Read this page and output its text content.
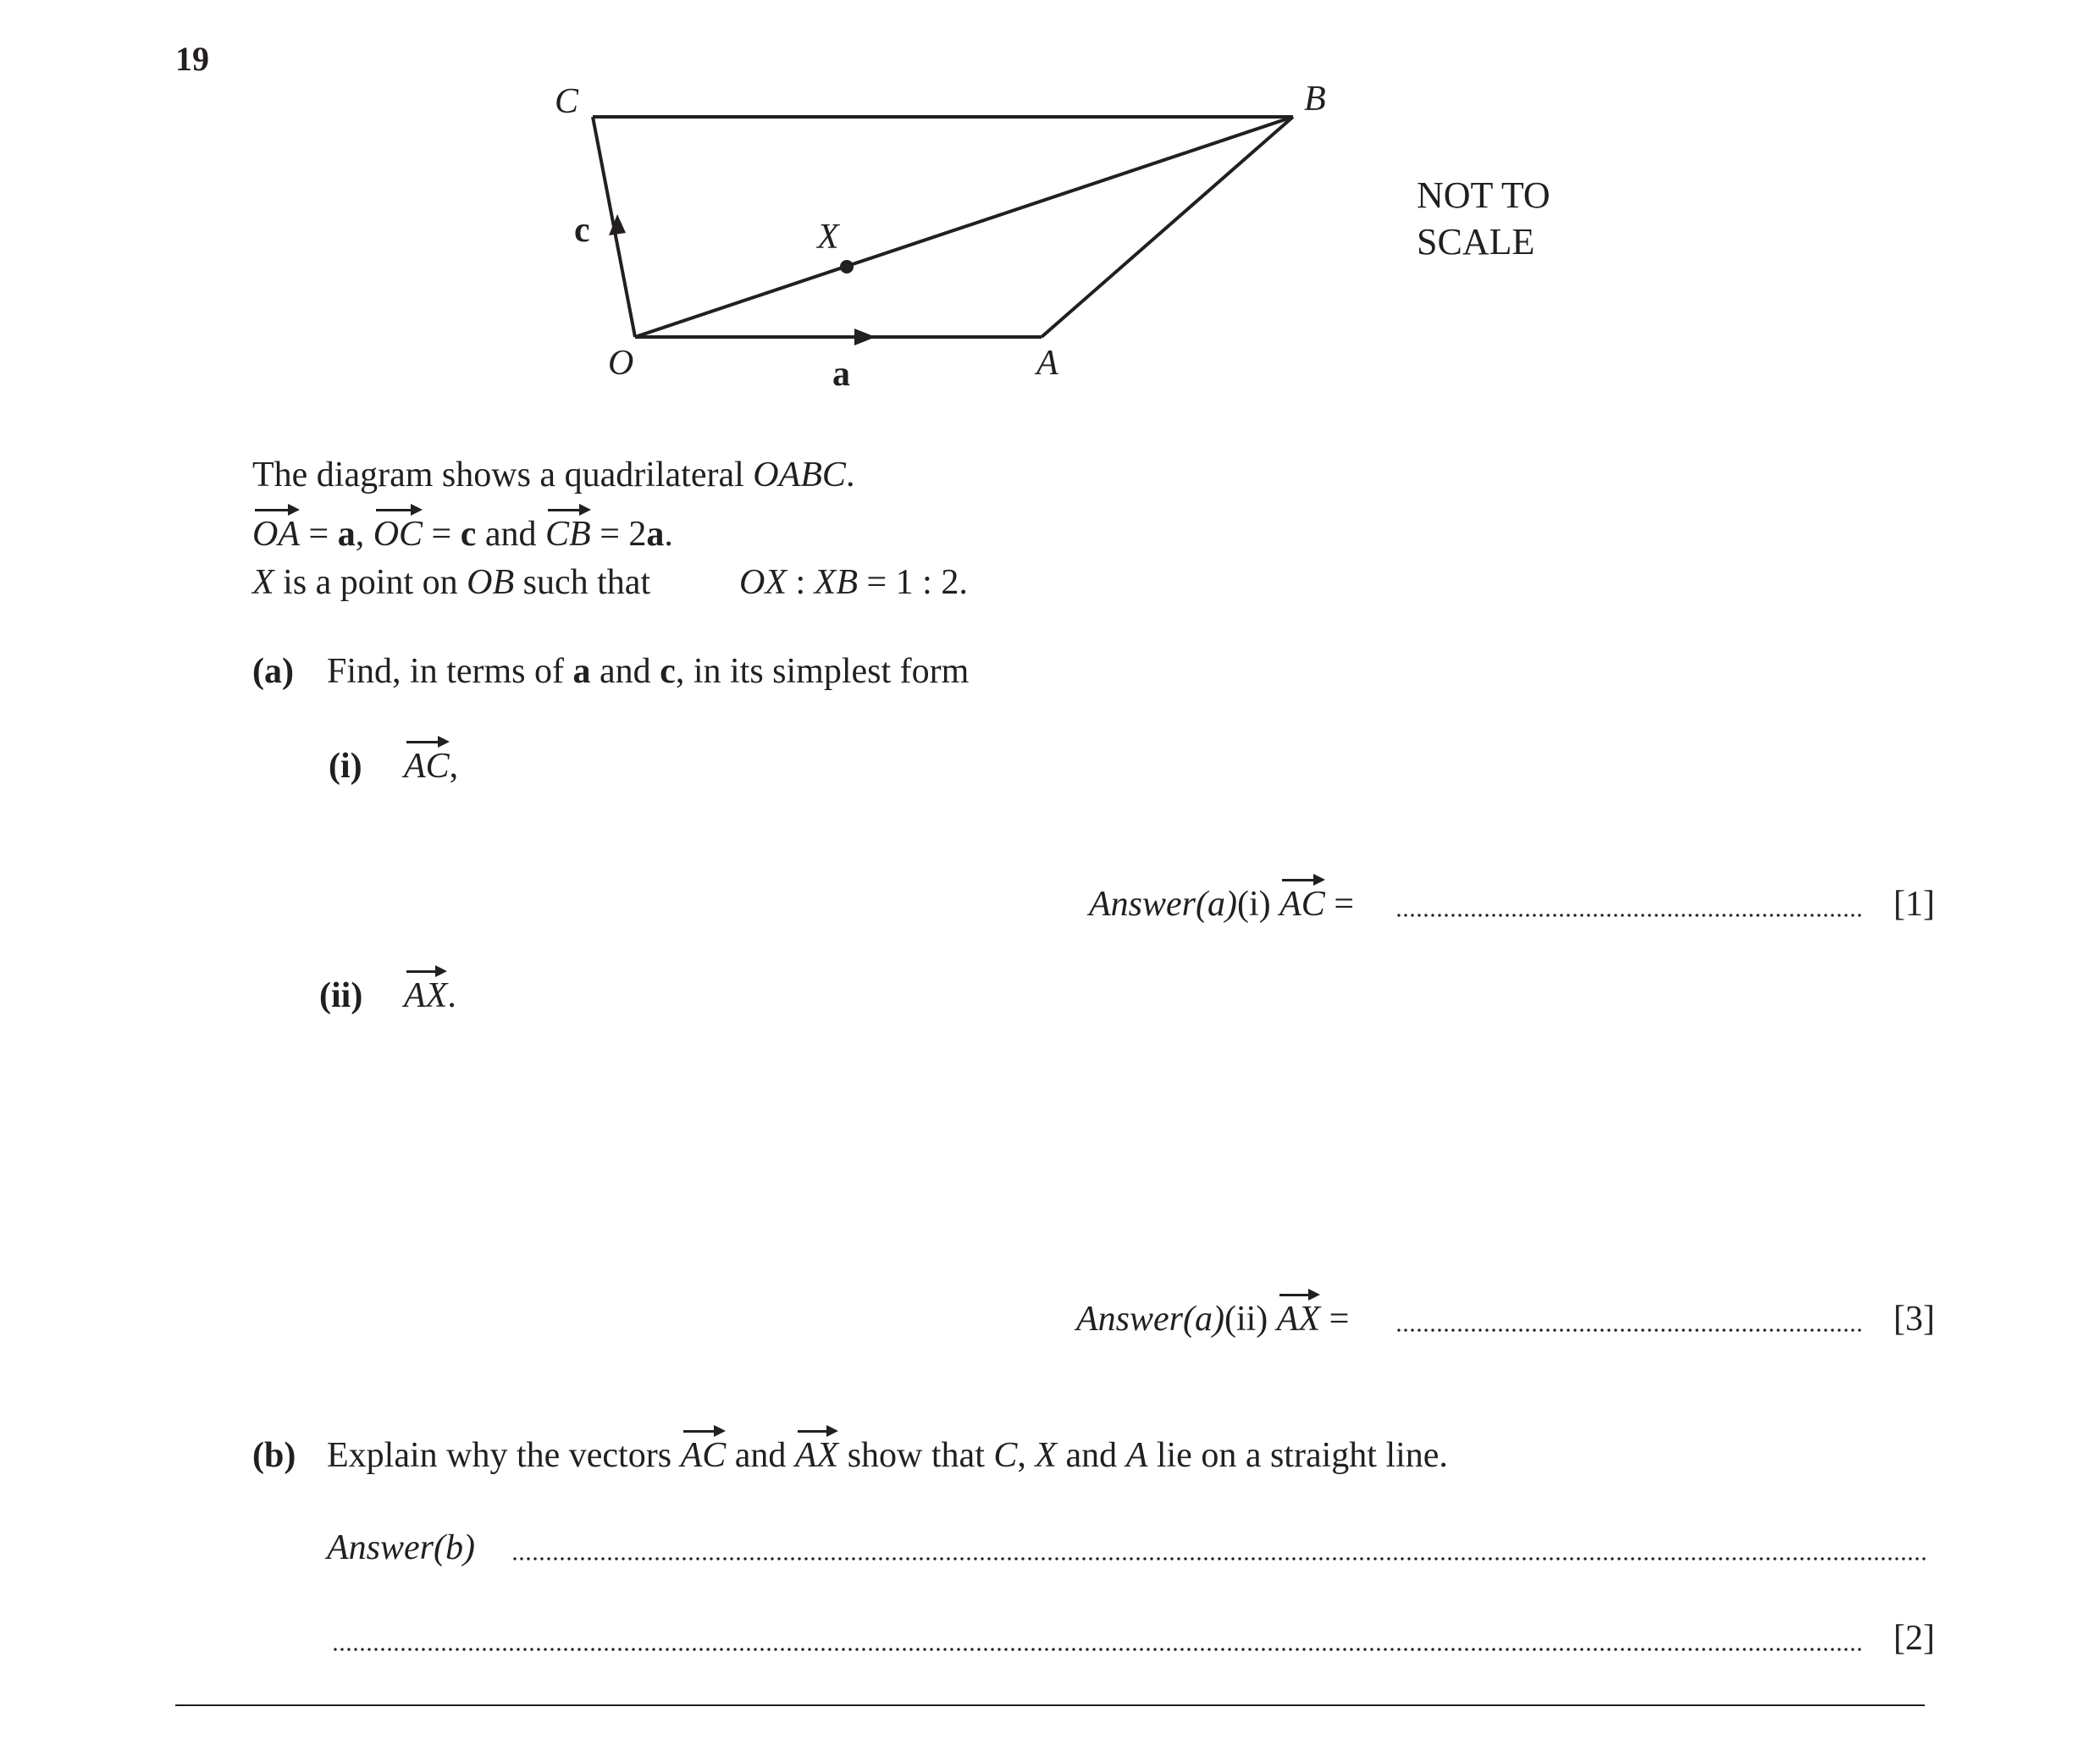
19
C	B
O	A
X
c
a
NOT TO
SCALE
The diagram shows a quadrilateral OABC.
OA = a, OC = c and CB = 2a.
X is a point on OB such that OX : XB = 1 : 2.
(a) Find, in terms of a and c, in its simplest form
(i) AC,
Answer(a)(i) AC =	[1]
(ii) AX.
Answer(a)(ii) AX =	[3]
(b) Explain why the vectors AC and AX show that C, X and A lie on a straight line.
Answer(b)
[2]
